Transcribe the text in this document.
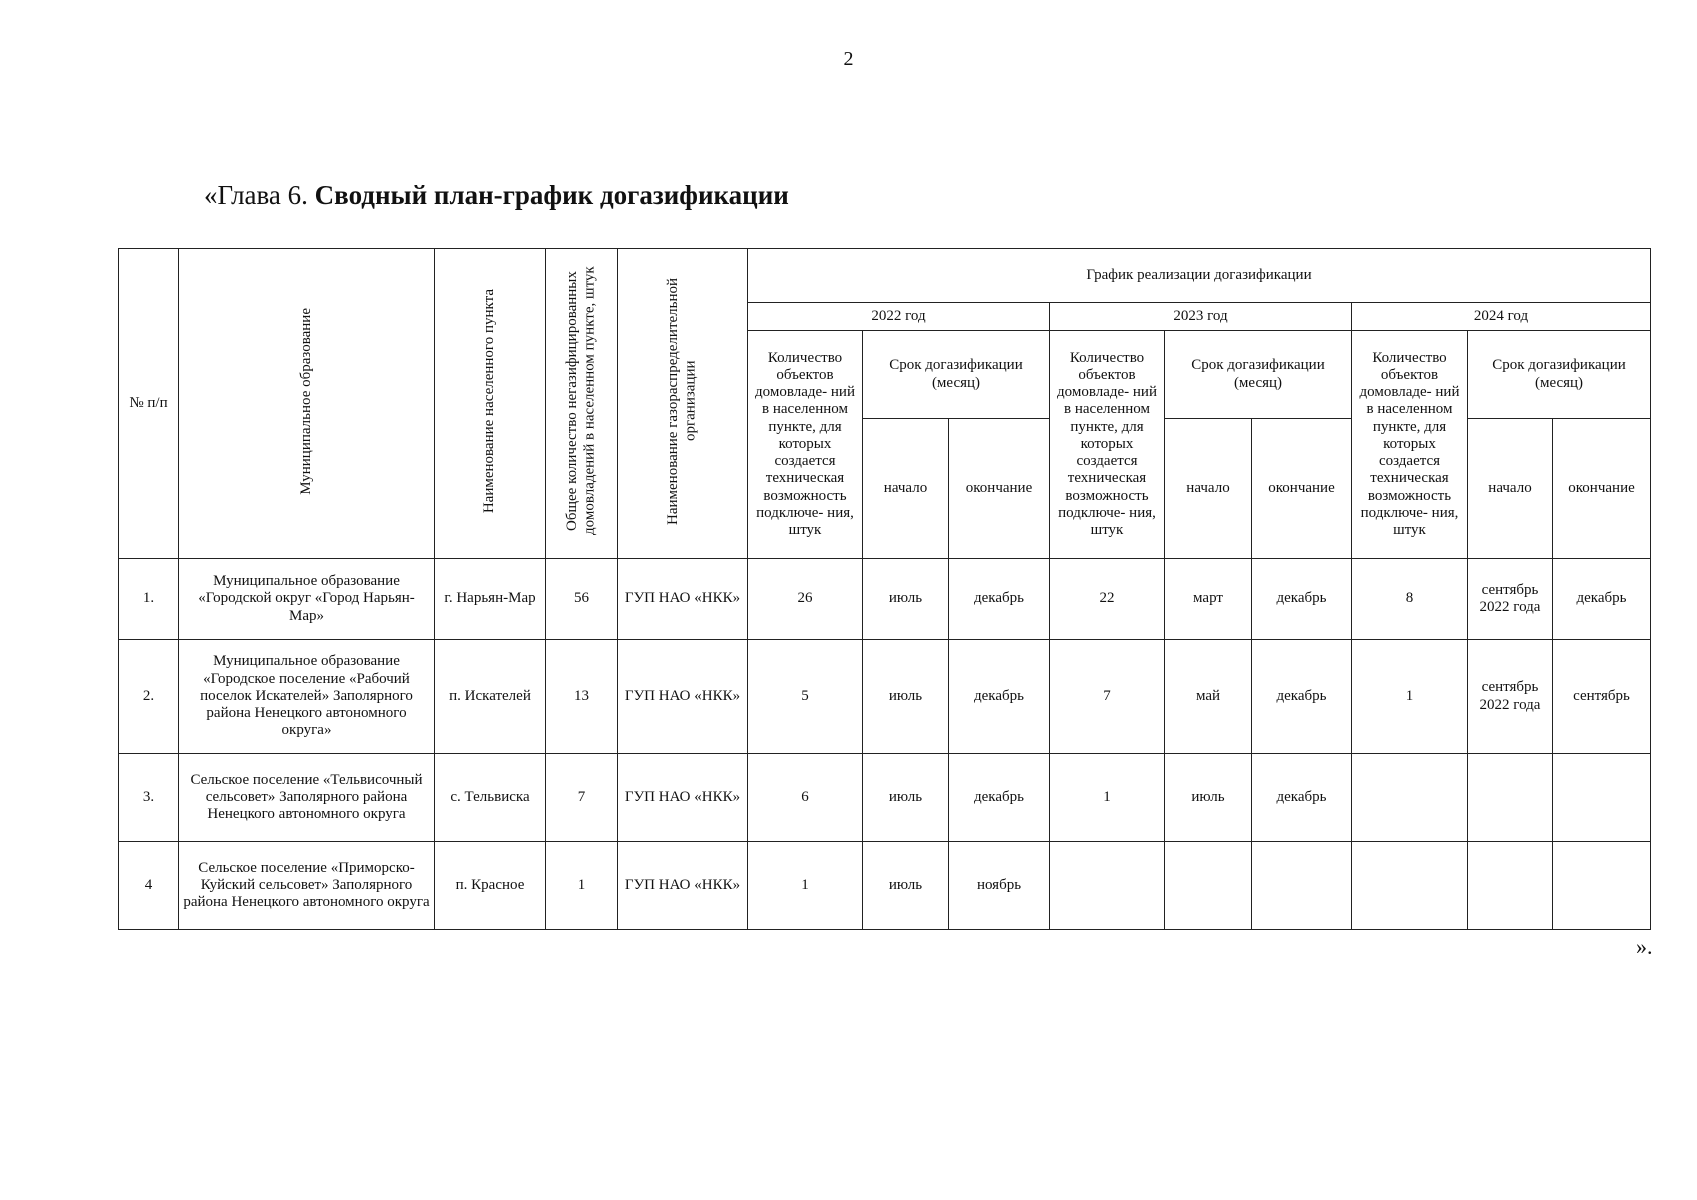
2
«Глава 6. Сводный план-график догазификации
№ п/п	Муниципальное образование	Наименование населенного пункта	Общее количество негазифицированных домовладений в населенном пункте, штук	Наименование газораспределительной организации	График реализации догазификации								
					2022 год			2023 год			2024 год		
					Количество объектов домовладе- ний в населенном пункте, для которых создается техническая возможность подключе- ния, штук	Срок догазификации (месяц)		Количество объектов домовладе- ний в населенном пункте, для которых создается техническая возможность подключе- ния, штук	Срок догазификации (месяц)		Количество объектов домовладе- ний в населенном пункте, для которых создается техническая возможность подключе- ния, штук	Срок догазификации (месяц)	
						начало	окончание		начало	окончание		начало	окончание
1.	Муниципальное образование «Городской округ «Город Нарьян-Мар»	г. Нарьян-Мар	56	ГУП НАО «НКК»	26	июль	декабрь	22	март	декабрь	8	сентябрь 2022 года	декабрь
2.	Муниципальное образование «Городское поселение «Рабочий поселок Искателей» Заполярного района Ненецкого автономного округа»	п. Искателей	13	ГУП НАО «НКК»	5	июль	декабрь	7	май	декабрь	1	сентябрь 2022 года	сентябрь
3.	Сельское поселение «Тельвисочный сельсовет» Заполярного района Ненецкого автономного округа	с. Тельвиска	7	ГУП НАО «НКК»	6	июль	декабрь	1	июль	декабрь			
4	Сельское поселение «Приморско-Куйский сельсовет» Заполярного района Ненецкого автономного округа	п. Красное	1	ГУП НАО «НКК»	1	июль	ноябрь						
».
